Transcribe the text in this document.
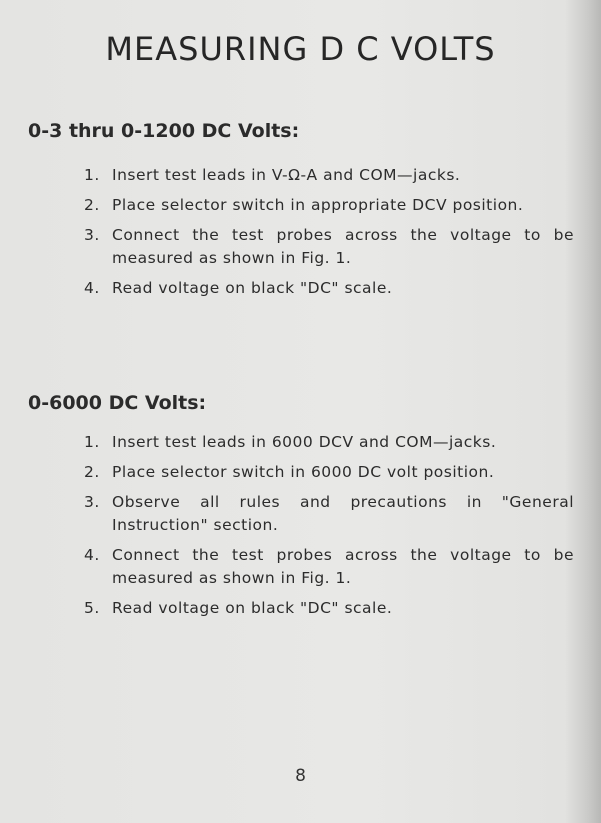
MEASURING D C VOLTS
0-3 thru 0-1200 DC Volts:
1. Insert test leads in V-Ω-A and COM—jacks.
2. Place selector switch in appropriate DCV position.
3. Connect the test probes across the voltage to be measured as shown in Fig. 1.
4. Read voltage on black "DC" scale.
0-6000 DC Volts:
1. Insert test leads in 6000 DCV and COM—jacks.
2. Place selector switch in 6000 DC volt position.
3. Observe all rules and precautions in "General Instruction" section.
4. Connect the test probes across the voltage to be measured as shown in Fig. 1.
5. Read voltage on black "DC" scale.
8
